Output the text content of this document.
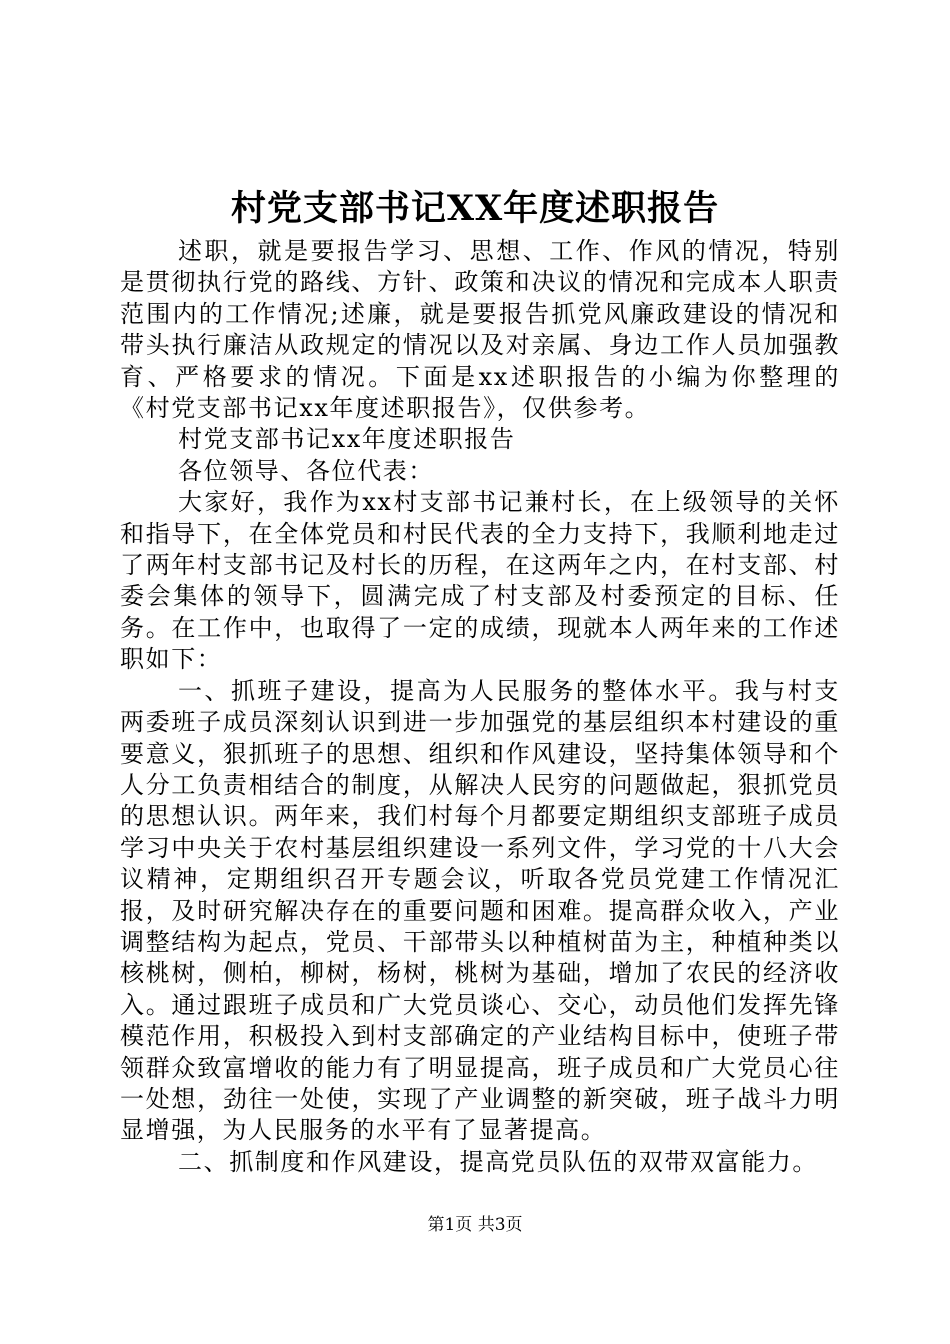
村党支部书记XX年度述职报告

述职，就是要报告学习、思想、工作、作风的情况，特别是贯彻执行党的路线、方针、政策和决议的情况和完成本人职责范围内的工作情况;述廉，就是要报告抓党风廉政建设的情况和带头执行廉洁从政规定的情况以及对亲属、身边工作人员加强教育、严格要求的情况。下面是xx述职报告的小编为你整理的《村党支部书记xx年度述职报告》，仅供参考。

村党支部书记xx年度述职报告

各位领导、各位代表：

大家好，我作为xx村支部书记兼村长，在上级领导的关怀和指导下，在全体党员和村民代表的全力支持下，我顺利地走过了两年村支部书记及村长的历程，在这两年之内，在村支部、村委会集体的领导下，圆满完成了村支部及村委预定的目标、任务。在工作中，也取得了一定的成绩，现就本人两年来的工作述职如下：

一、抓班子建设，提高为人民服务的整体水平。我与村支两委班子成员深刻认识到进一步加强党的基层组织本村建设的重要意义，狠抓班子的思想、组织和作风建设，坚持集体领导和个人分工负责相结合的制度，从解决人民穷的问题做起，狠抓党员的思想认识。两年来，我们村每个月都要定期组织支部班子成员学习中央关于农村基层组织建设一系列文件，学习党的十八大会议精神，定期组织召开专题会议，听取各党员党建工作情况汇报，及时研究解决存在的重要问题和困难。提高群众收入，产业调整结构为起点，党员、干部带头以种植树苗为主，种植种类以核桃树，侧柏，柳树，杨树，桃树为基础，增加了农民的经济收入。通过跟班子成员和广大党员谈心、交心，动员他们发挥先锋模范作用，积极投入到村支部确定的产业结构目标中，使班子带领群众致富增收的能力有了明显提高，班子成员和广大党员心往一处想，劲往一处使，实现了产业调整的新突破，班子战斗力明显增强，为人民服务的水平有了显著提高。

二、抓制度和作风建设，提高党员队伍的双带双富能力。

第1页 共3页
